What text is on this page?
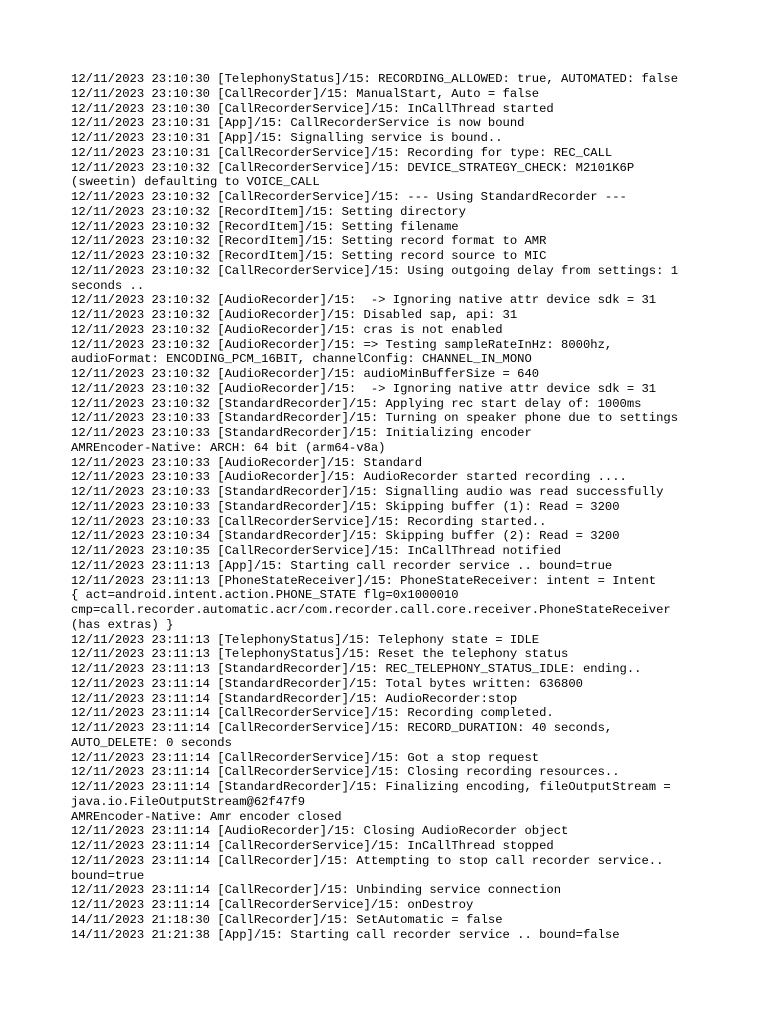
12/11/2023 23:10:30 [TelephonyStatus]/15: RECORDING_ALLOWED: true, AUTOMATED: false
12/11/2023 23:10:30 [CallRecorder]/15: ManualStart, Auto = false
12/11/2023 23:10:30 [CallRecorderService]/15: InCallThread started
12/11/2023 23:10:31 [App]/15: CallRecorderService is now bound
12/11/2023 23:10:31 [App]/15: Signalling service is bound..
12/11/2023 23:10:31 [CallRecorderService]/15: Recording for type: REC_CALL
12/11/2023 23:10:32 [CallRecorderService]/15: DEVICE_STRATEGY_CHECK: M2101K6P
(sweetin) defaulting to VOICE_CALL
12/11/2023 23:10:32 [CallRecorderService]/15: --- Using StandardRecorder ---
12/11/2023 23:10:32 [RecordItem]/15: Setting directory
12/11/2023 23:10:32 [RecordItem]/15: Setting filename
12/11/2023 23:10:32 [RecordItem]/15: Setting record format to AMR
12/11/2023 23:10:32 [RecordItem]/15: Setting record source to MIC
12/11/2023 23:10:32 [CallRecorderService]/15: Using outgoing delay from settings: 1
seconds ..
12/11/2023 23:10:32 [AudioRecorder]/15:  -> Ignoring native attr device sdk = 31
12/11/2023 23:10:32 [AudioRecorder]/15: Disabled sap, api: 31
12/11/2023 23:10:32 [AudioRecorder]/15: cras is not enabled
12/11/2023 23:10:32 [AudioRecorder]/15: => Testing sampleRateInHz: 8000hz,
audioFormat: ENCODING_PCM_16BIT, channelConfig: CHANNEL_IN_MONO
12/11/2023 23:10:32 [AudioRecorder]/15: audioMinBufferSize = 640
12/11/2023 23:10:32 [AudioRecorder]/15:  -> Ignoring native attr device sdk = 31
12/11/2023 23:10:32 [StandardRecorder]/15: Applying rec start delay of: 1000ms
12/11/2023 23:10:33 [StandardRecorder]/15: Turning on speaker phone due to settings
12/11/2023 23:10:33 [StandardRecorder]/15: Initializing encoder
AMREncoder-Native: ARCH: 64 bit (arm64-v8a)
12/11/2023 23:10:33 [AudioRecorder]/15: Standard
12/11/2023 23:10:33 [AudioRecorder]/15: AudioRecorder started recording ....
12/11/2023 23:10:33 [StandardRecorder]/15: Signalling audio was read successfully
12/11/2023 23:10:33 [StandardRecorder]/15: Skipping buffer (1): Read = 3200
12/11/2023 23:10:33 [CallRecorderService]/15: Recording started..
12/11/2023 23:10:34 [StandardRecorder]/15: Skipping buffer (2): Read = 3200
12/11/2023 23:10:35 [CallRecorderService]/15: InCallThread notified
12/11/2023 23:11:13 [App]/15: Starting call recorder service .. bound=true
12/11/2023 23:11:13 [PhoneStateReceiver]/15: PhoneStateReceiver: intent = Intent
{ act=android.intent.action.PHONE_STATE flg=0x1000010
cmp=call.recorder.automatic.acr/com.recorder.call.core.receiver.PhoneStateReceiver
(has extras) }
12/11/2023 23:11:13 [TelephonyStatus]/15: Telephony state = IDLE
12/11/2023 23:11:13 [TelephonyStatus]/15: Reset the telephony status
12/11/2023 23:11:13 [StandardRecorder]/15: REC_TELEPHONY_STATUS_IDLE: ending..
12/11/2023 23:11:14 [StandardRecorder]/15: Total bytes written: 636800
12/11/2023 23:11:14 [StandardRecorder]/15: AudioRecorder:stop
12/11/2023 23:11:14 [CallRecorderService]/15: Recording completed.
12/11/2023 23:11:14 [CallRecorderService]/15: RECORD_DURATION: 40 seconds,
AUTO_DELETE: 0 seconds
12/11/2023 23:11:14 [CallRecorderService]/15: Got a stop request
12/11/2023 23:11:14 [CallRecorderService]/15: Closing recording resources..
12/11/2023 23:11:14 [StandardRecorder]/15: Finalizing encoding, fileOutputStream =
java.io.FileOutputStream@62f47f9
AMREncoder-Native: Amr encoder closed
12/11/2023 23:11:14 [AudioRecorder]/15: Closing AudioRecorder object
12/11/2023 23:11:14 [CallRecorderService]/15: InCallThread stopped
12/11/2023 23:11:14 [CallRecorder]/15: Attempting to stop call recorder service..
bound=true
12/11/2023 23:11:14 [CallRecorder]/15: Unbinding service connection
12/11/2023 23:11:14 [CallRecorderService]/15: onDestroy
14/11/2023 21:18:30 [CallRecorder]/15: SetAutomatic = false
14/11/2023 21:21:38 [App]/15: Starting call recorder service .. bound=false
